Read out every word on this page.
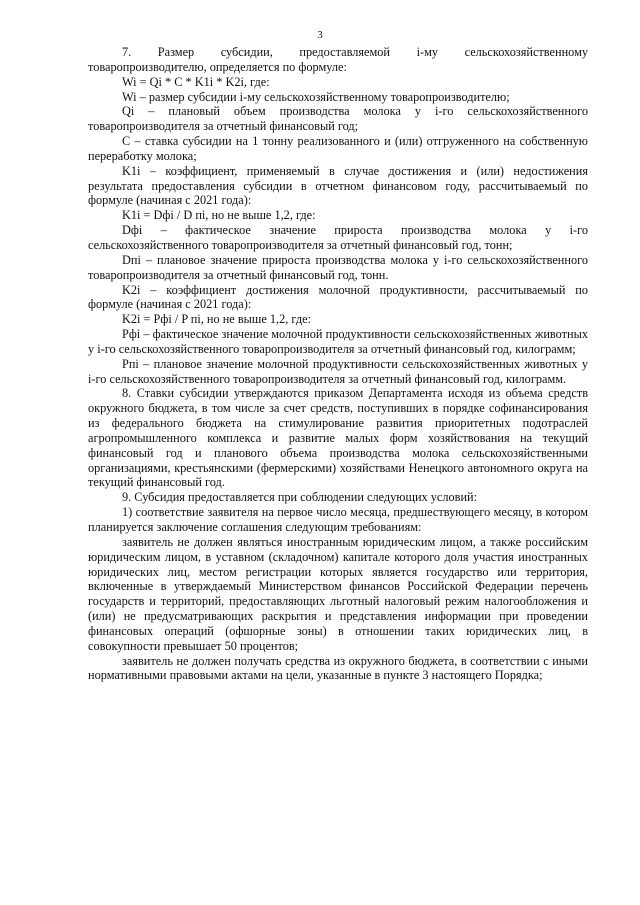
3

7. Размер субсидии, предоставляемой i-му сельскохозяйственному товаропроизводителю, определяется по формуле:

Wi = Qi * C * K1i * K2i, где:

Wi – размер субсидии i-му сельскохозяйственному товаропроизводителю;

Qi – плановый объем производства молока у i-го сельскохозяйственного товаропроизводителя за отчетный финансовый год;

С – ставка субсидии на 1 тонну реализованного и (или) отгруженного на собственную переработку молока;

K1i – коэффициент, применяемый в случае достижения и (или) недостижения результата предоставления субсидии в отчетном финансовом году, рассчитываемый по формуле (начиная с 2021 года):

K1i = Dфi / D пi, но не выше 1,2, где:

Dфi – фактическое значение прироста производства молока у i-го сельскохозяйственного товаропроизводителя за отчетный финансовый год, тонн;

Dпi – плановое значение прироста производства молока у i-го сельскохозяйственного товаропроизводителя за отчетный финансовый год, тонн.

K2i – коэффициент достижения молочной продуктивности, рассчитываемый по формуле (начиная с 2021 года):

K2i = Pфi / P пi, но не выше 1,2, где:

Pфi – фактическое значение молочной продуктивности сельскохозяйственных животных у i-го сельскохозяйственного товаропроизводителя за отчетный финансовый год, килограмм;

Pпi – плановое значение молочной продуктивности сельскохозяйственных животных у i-го сельскохозяйственного товаропроизводителя за отчетный финансовый год, килограмм.

8. Ставки субсидии утверждаются приказом Департамента исходя из объема средств окружного бюджета, в том числе за счет средств, поступивших в порядке софинансирования из федерального бюджета на стимулирование развития приоритетных подотраслей агропромышленного комплекса и развитие малых форм хозяйствования на текущий финансовый год и планового объема производства молока сельскохозяйственными организациями, крестьянскими (фермерскими) хозяйствами Ненецкого автономного округа на текущий финансовый год.

9. Субсидия предоставляется при соблюдении следующих условий:

1) соответствие заявителя на первое число месяца, предшествующего месяцу, в котором планируется заключение соглашения следующим требованиям:

заявитель не должен являться иностранным юридическим лицом, а также российским юридическим лицом, в уставном (складочном) капитале которого доля участия иностранных юридических лиц, местом регистрации которых является государство или территория, включенные в утверждаемый Министерством финансов Российской Федерации перечень государств и территорий, предоставляющих льготный налоговый режим налогообложения и (или) не предусматривающих раскрытия и представления информации при проведении финансовых операций (офшорные зоны) в отношении таких юридических лиц, в совокупности превышает 50 процентов;

заявитель не должен получать средства из окружного бюджета, в соответствии с иными нормативными правовыми актами на цели, указанные в пункте 3 настоящего Порядка;
